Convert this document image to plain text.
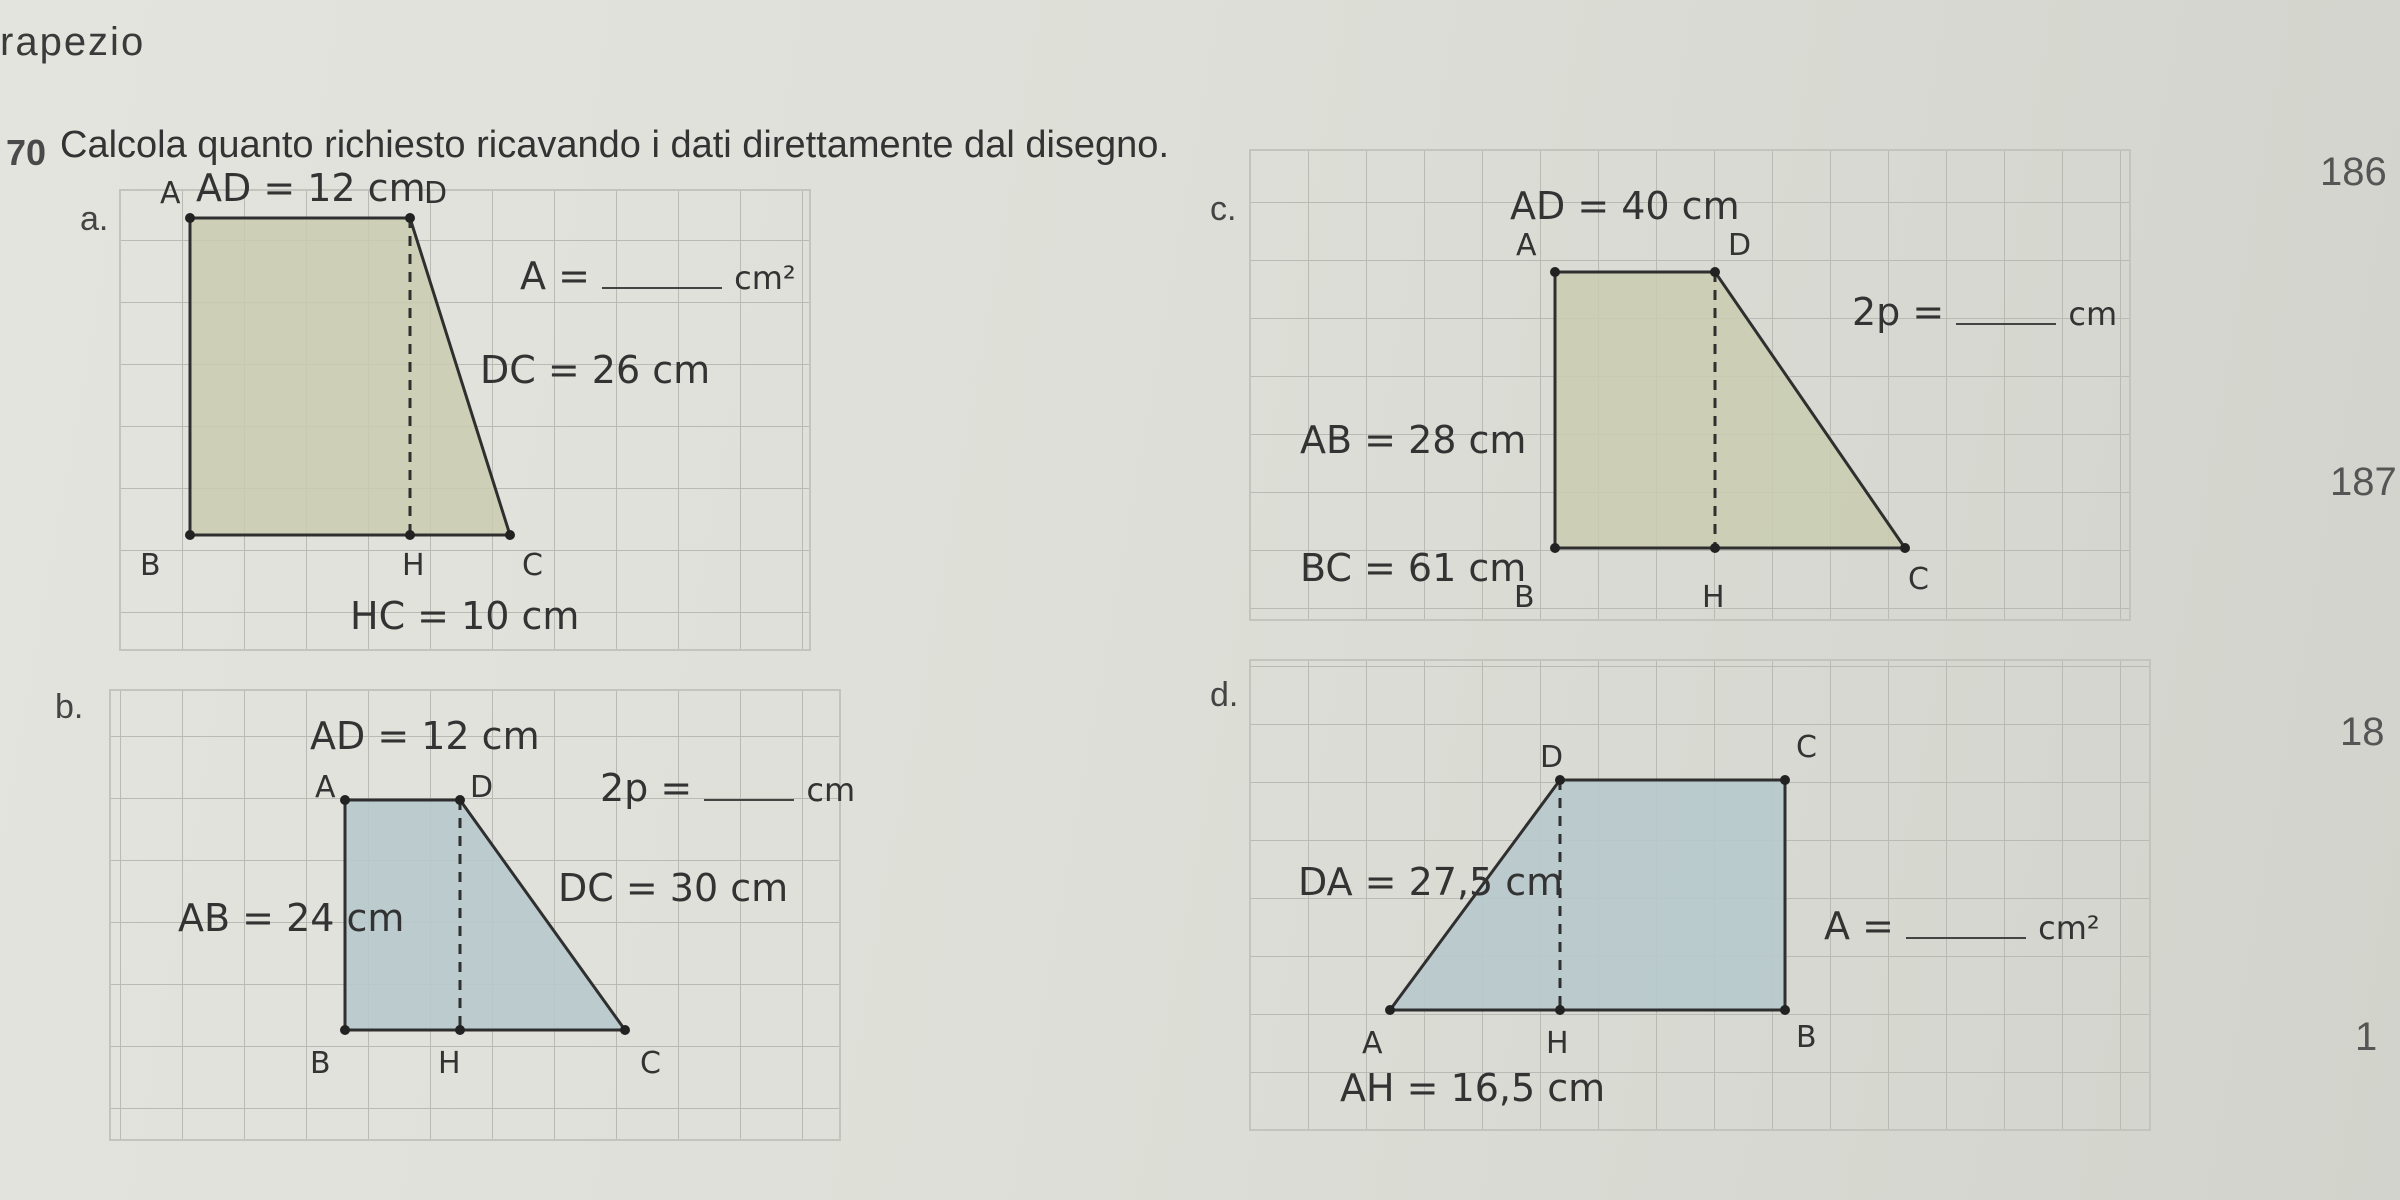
rapezio
70 Calcola quanto richiesto ricavando i dati direttamente dal disegno.
186
187
18
1
a.
A AD = 12 cm
D
A =	cm²
DC = 26 cm
B	H	C
HC = 10 cm
b.
AD = 12 cm
A	D	2p =	cm
DC = 30 cm
AB = 24 cm
B	H	C
c.	AD = 40 cm
A	D
2p =	cm
AB = 28 cm
BC = 61 cm
B	H
C
d.
D	C
DA = 27,5 cm
A =	cm²
A	H	B
AH = 16,5 cm
